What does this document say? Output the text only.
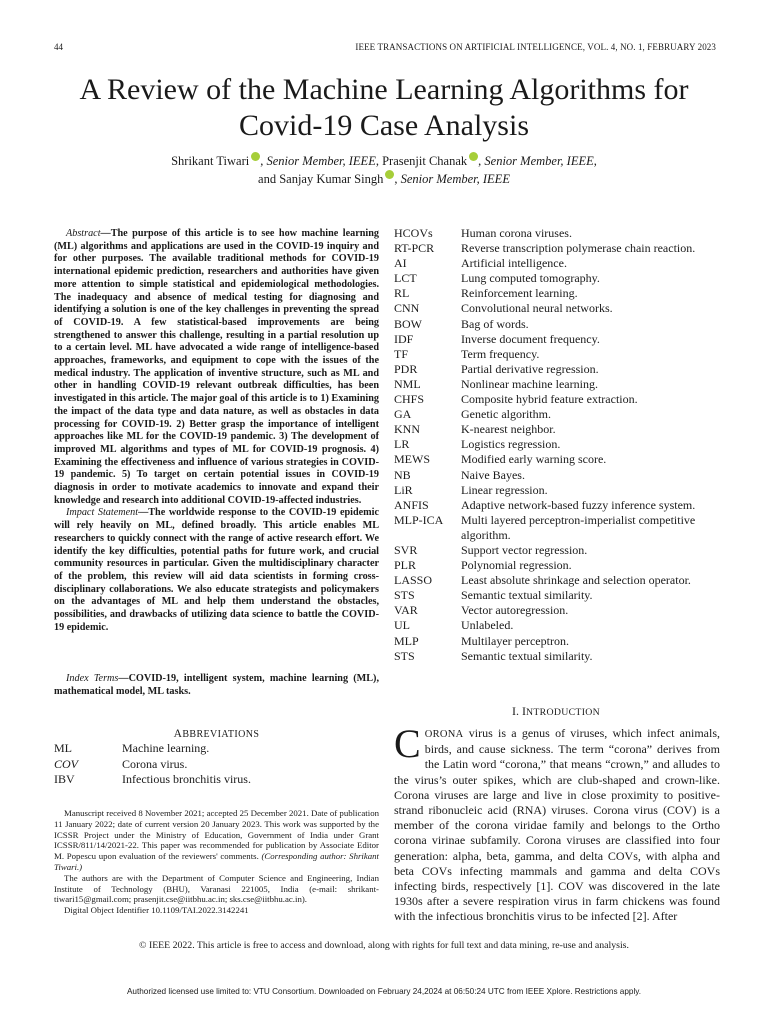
44	IEEE TRANSACTIONS ON ARTIFICIAL INTELLIGENCE, VOL. 4, NO. 1, FEBRUARY 2023
A Review of the Machine Learning Algorithms for
Covid-19 Case Analysis
Shrikant Tiwari , Senior Member, IEEE, Prasenjit Chanak , Senior Member, IEEE,
and Sanjay Kumar Singh , Senior Member, IEEE

Abstract—The purpose of this article is to see how machine learning (ML) algorithms and applications are used in the COVID-19 inquiry and for other purposes. The available traditional methods for COVID-19 international epidemic prediction, researchers and authorities have given more attention to simple statistical and epidemiological methodologies. The inadequacy and absence of medical testing for diagnosing and identifying a solution is one of the key challenges in preventing the spread of COVID-19. A few statistical-based improvements are being strengthened to answer this challenge, resulting in a partial resolution up to a certain level. ML have advocated a wide range of intelligence-based approaches, frameworks, and equipment to cope with the issues of the medical industry. The application of inventive structure, such as ML and other in handling COVID-19 relevant outbreak difficulties, has been investigated in this article. The major goal of this article is to 1) Examining the impact of the data type and data nature, as well as obstacles in data processing for COVID-19. 2) Better grasp the importance of intelligent approaches like ML for the COVID-19 pandemic. 3) The development of improved ML algorithms and types of ML for COVID-19 prognosis. 4) Examining the effectiveness and influence of various strategies in COVID-19 pandemic. 5) To target on certain potential issues in COVID-19 diagnosis in order to motivate academics to innovate and expand their knowledge and research into additional COVID-19-affected industries.

Impact Statement—The worldwide response to the COVID-19 epidemic will rely heavily on ML, defined broadly. This article enables ML researchers to quickly connect with the range of active research effort. We identify the key difficulties, potential paths for future work, and crucial community resources in particular. Given the multidisciplinary character of the problem, this review will aid data scientists in forming cross-disciplinary collaborations. We also educate strategists and policymakers on the advantages of ML and help them understand the obstacles, possibilities, and drawbacks of utilizing data science to battle the COVID-19 epidemic.

Index Terms—COVID-19, intelligent system, machine learning (ML), mathematical model, ML tasks.

ABBREVIATIONS
ML	Machine learning.
COV	Corona virus.
IBV	Infectious bronchitis virus.

Manuscript received 8 November 2021; accepted 25 December 2021. Date of publication 11 January 2022; date of current version 20 January 2023. This work was supported by the ICSSR Project under the Ministry of Education, Government of India under Grant ICSSR/811/14/2021-22. This paper was recommended for publication by Associate Editor M. Popescu upon evaluation of the reviewers' comments. (Corresponding author: Shrikant Tiwari.)

The authors are with the Department of Computer Science and Engineering, Indian Institute of Technology (BHU), Varanasi 221005, India (e-mail: shrikant-tiwari15@gmail.com; prasenjit.cse@iitbhu.ac.in; sks.cse@iitbhu.ac.in).

Digital Object Identifier 10.1109/TAI.2022.3142241

HCOVs	Human corona viruses.
RT-PCR	Reverse transcription polymerase chain reaction.
AI	Artificial intelligence.
LCT	Lung computed tomography.
RL	Reinforcement learning.
CNN	Convolutional neural networks.
BOW	Bag of words.
IDF	Inverse document frequency.
TF	Term frequency.
PDR	Partial derivative regression.
NML	Nonlinear machine learning.
CHFS	Composite hybrid feature extraction.
GA	Genetic algorithm.
KNN	K-nearest neighbor.
LR	Logistics regression.
MEWS	Modified early warning score.
NB	Naive Bayes.
LiR	Linear regression.
ANFIS	Adaptive network-based fuzzy inference system.
MLP-ICA	Multi layered perceptron-imperialist competitive algorithm.
SVR	Support vector regression.
PLR	Polynomial regression.
LASSO	Least absolute shrinkage and selection operator.
STS	Semantic textual similarity.
VAR	Vector autoregression.
UL	Unlabeled.
MLP	Multilayer perceptron.
STS	Semantic textual similarity.
I. INTRODUCTION
CORONA virus is a genus of viruses, which infect animals, birds, and cause sickness. The term “corona” derives from the Latin word “corona,” that means “crown,” and alludes to the virus’s outer spikes, which are club-shaped and crown-like. Corona viruses are large and live in close proximity to positive-strand ribonucleic acid (RNA) viruses. Corona virus (COV) is a member of the corona viridae family and belongs to the Ortho corona virinae subfamily. Corona viruses are classified into four generation: alpha, beta, gamma, and delta COVs, with alpha and beta COVs infecting mammals and gamma and delta COVs infecting birds, respectively [1]. COV was discovered in the late 1930s after a severe respiration virus in farm chickens was found with the infectious bronchitis virus to be infected [2]. After
© IEEE 2022. This article is free to access and download, along with rights for full text and data mining, re-use and analysis.
Authorized licensed use limited to: VTU Consortium. Downloaded on February 24,2024 at 06:50:24 UTC from IEEE Xplore. Restrictions apply.
